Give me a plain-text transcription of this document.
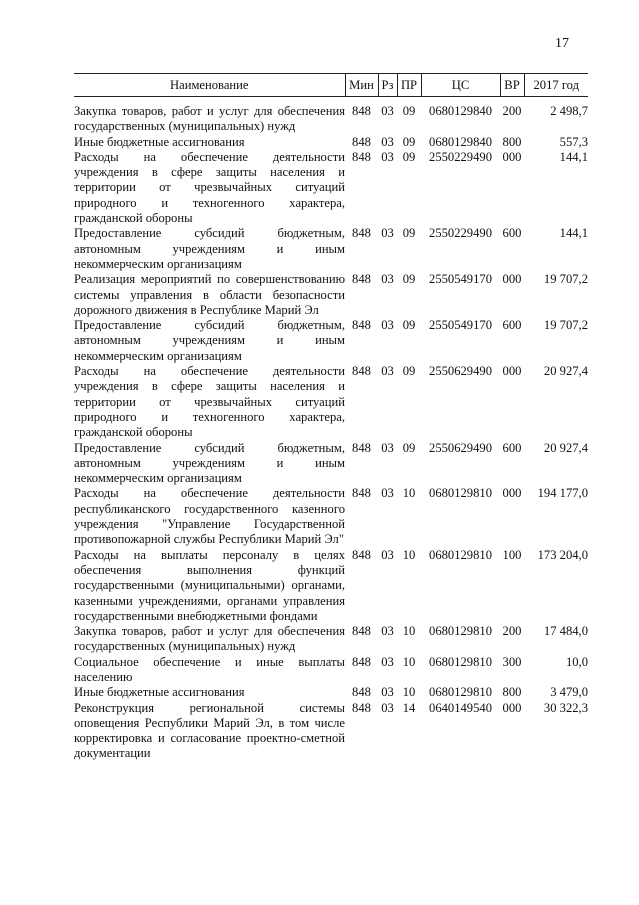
17
Наименование	Мин	Рз	ПР	ЦС	ВР	2017 год

Закупка товаров, работ и услуг для обеспечения государственных (муниципальных) нужд	848	03	09	0680129840	200	2 498,7
Иные бюджетные ассигнования	848	03	09	0680129840	800	557,3
Расходы на обеспечение деятельности учреждения в сфере защиты населения и территории от чрезвычайных ситуаций природного и техногенного характера, гражданской обороны	848	03	09	2550229490	000	144,1
Предоставление субсидий бюджетным, автономным учреждениям и иным некоммерческим организациям	848	03	09	2550229490	600	144,1
Реализация мероприятий по совершенствованию системы управления в области безопасности дорожного движения в Республике Марий Эл	848	03	09	2550549170	000	19 707,2
Предоставление субсидий бюджетным, автономным учреждениям и иным некоммерческим организациям	848	03	09	2550549170	600	19 707,2
Расходы на обеспечение деятельности учреждения в сфере защиты населения и территории от чрезвычайных ситуаций природного и техногенного характера, гражданской обороны	848	03	09	2550629490	000	20 927,4
Предоставление субсидий бюджетным, автономным учреждениям и иным некоммерческим организациям	848	03	09	2550629490	600	20 927,4
Расходы на обеспечение деятельности республиканского государственного казенного учреждения "Управление Государственной противопожарной службы Республики Марий Эл"	848	03	10	0680129810	000	194 177,0
Расходы на выплаты персоналу в целях обеспечения выполнения функций государственными (муниципальными) органами, казенными учреждениями, органами управления государственными внебюджетными фондами	848	03	10	0680129810	100	173 204,0
Закупка товаров, работ и услуг для обеспечения государственных (муниципальных) нужд	848	03	10	0680129810	200	17 484,0
Социальное обеспечение и иные выплаты населению	848	03	10	0680129810	300	10,0
Иные бюджетные ассигнования	848	03	10	0680129810	800	3 479,0
Реконструкция региональной системы оповещения Республики Марий Эл, в том числе корректировка и согласование проектно-сметной документации	848	03	14	0640149540	000	30 322,3
